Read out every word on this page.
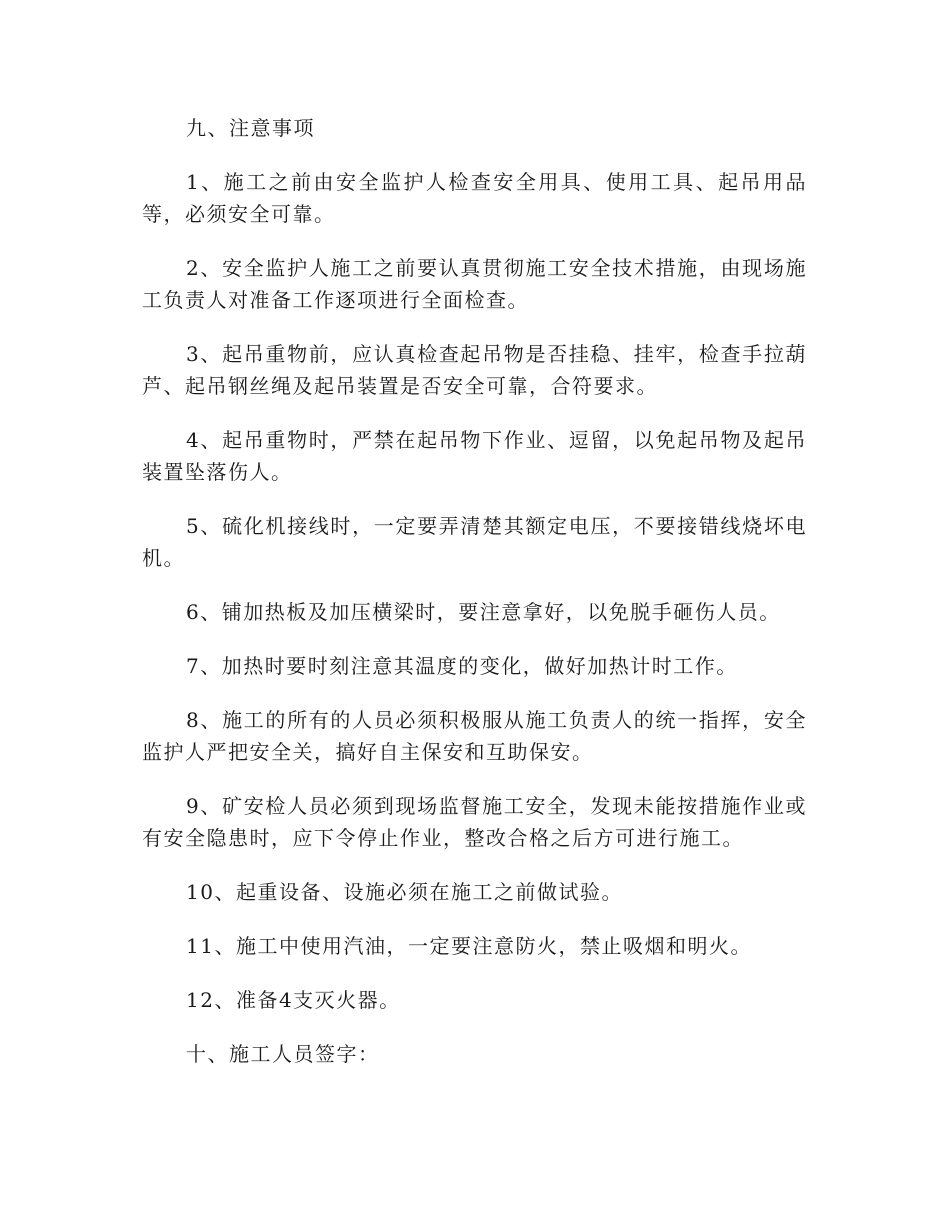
九、注意事项

1、施工之前由安全监护人检查安全用具、使用工具、起吊用品等，必须安全可靠。

2、安全监护人施工之前要认真贯彻施工安全技术措施，由现场施工负责人对准备工作逐项进行全面检查。

3、起吊重物前，应认真检查起吊物是否挂稳、挂牢，检查手拉葫芦、起吊钢丝绳及起吊装置是否安全可靠，合符要求。

4、起吊重物时，严禁在起吊物下作业、逗留，以免起吊物及起吊装置坠落伤人。

5、硫化机接线时，一定要弄清楚其额定电压，不要接错线烧坏电机。

6、铺加热板及加压横梁时，要注意拿好，以免脱手砸伤人员。

7、加热时要时刻注意其温度的变化，做好加热计时工作。

8、施工的所有的人员必须积极服从施工负责人的统一指挥，安全监护人严把安全关，搞好自主保安和互助保安。

9、矿安检人员必须到现场监督施工安全，发现未能按措施作业或有安全隐患时，应下令停止作业，整改合格之后方可进行施工。

10、起重设备、设施必须在施工之前做试验。

11、施工中使用汽油，一定要注意防火，禁止吸烟和明火。

12、准备4支灭火器。

十、施工人员签字：
